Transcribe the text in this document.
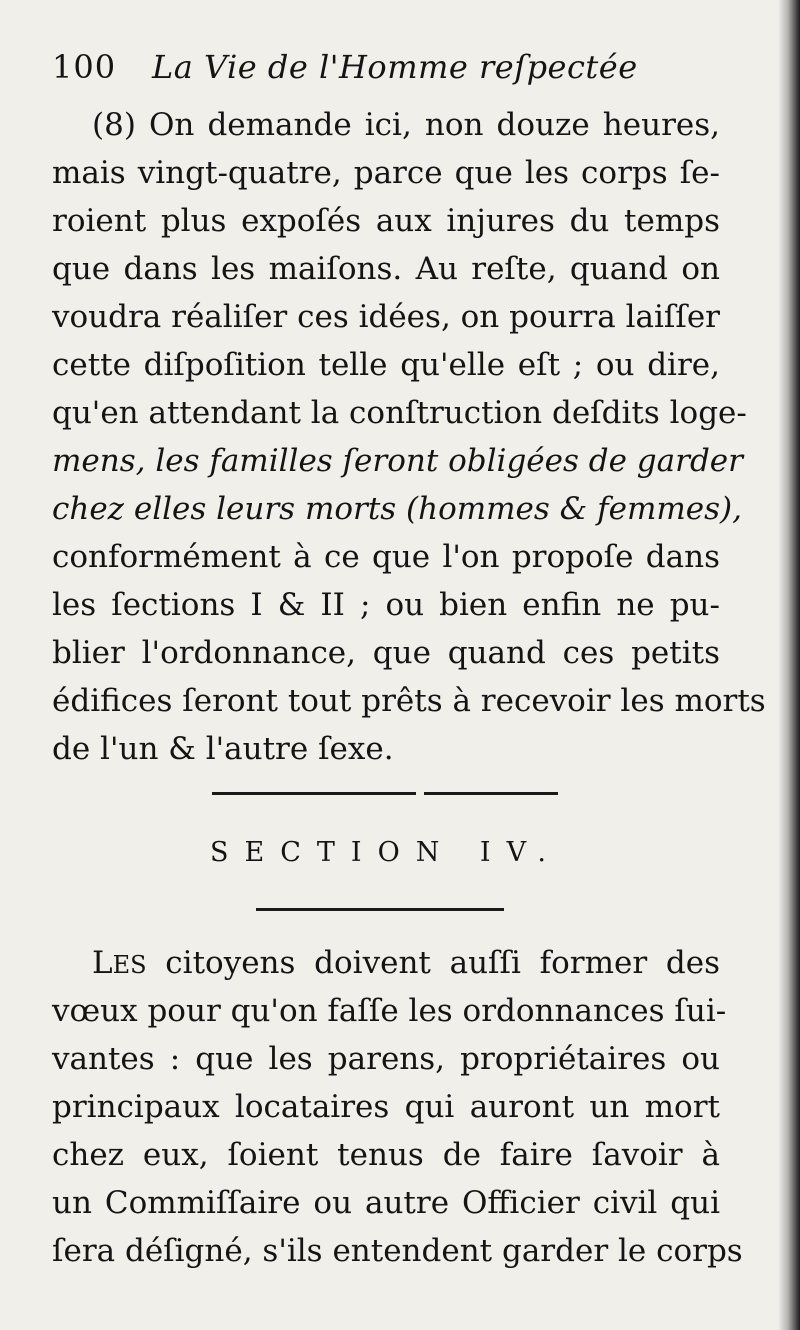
100 La Vie de l'Homme reſpectée
(8) On demande ici, non douze heures,
mais vingt-quatre, parce que les corps ſe-
roient plus expoſés aux injures du temps
que dans les maiſons. Au reſte, quand on
voudra réaliſer ces idées, on pourra laiſſer
cette diſpoſition telle qu'elle eſt ; ou dire,
qu'en attendant la conſtruction deſdits loge-
mens, les familles ſeront obligées de garder
chez elles leurs morts (hommes & femmes),
conformément à ce que l'on propoſe dans
les ſections I & II ; ou bien enfin ne pu-
blier l'ordonnance, que quand ces petits
édifices ſeront tout prêts à recevoir les morts
de l'un & l'autre ſexe.
SECTION IV.
LES citoyens doivent auſſi former des
vœux pour qu'on faſſe les ordonnances ſui-
vantes : que les parens, propriétaires ou
principaux locataires qui auront un mort
chez eux, ſoient tenus de faire ſavoir à
un Commiſſaire ou autre Officier civil qui
ſera déſigné, s'ils entendent garder le corps
